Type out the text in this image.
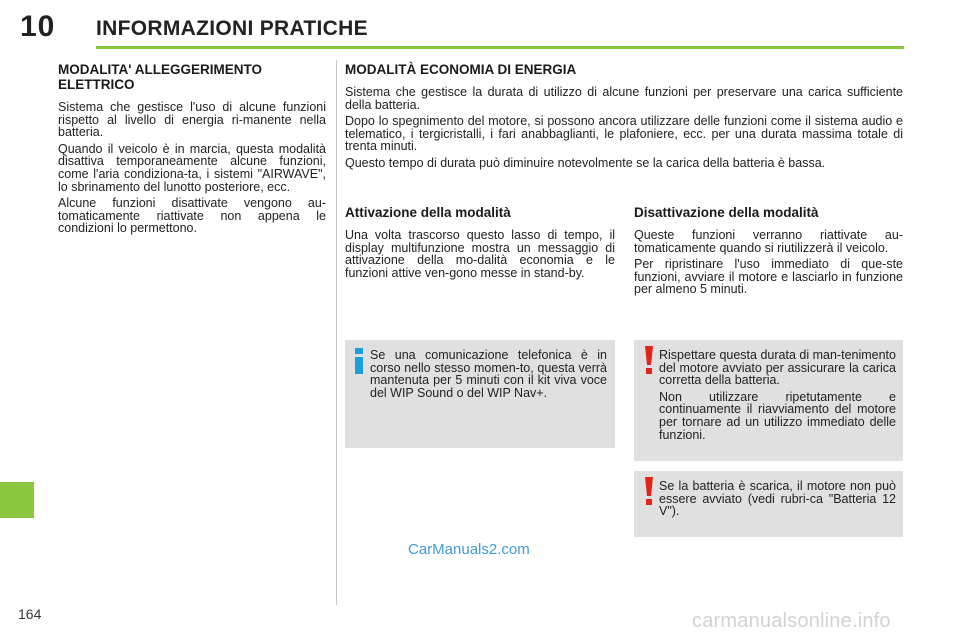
10 INFORMAZIONI PRATICHE
MODALITA' ALLEGGERIMENTO ELETTRICO

Sistema che gestisce l'uso di alcune funzioni rispetto al livello di energia ri-manente nella batteria.

Quando il veicolo è in marcia, questa modalità disattiva temporaneamente alcune funzioni, come l'aria condiziona-ta, i sistemi "AIRWAVE", lo sbrinamento del lunotto posteriore, ecc.

Alcune funzioni disattivate vengono au-tomaticamente riattivate non appena le condizioni lo permettono.

MODALITÀ ECONOMIA DI ENERGIA

Sistema che gestisce la durata di utilizzo di alcune funzioni per preservare una carica sufficiente della batteria.

Dopo lo spegnimento del motore, si possono ancora utilizzare delle funzioni come il sistema audio e telematico, i tergicristalli, i fari anabbaglianti, le plafoniere, ecc. per una durata massima totale di trenta minuti.

Questo tempo di durata può diminuire notevolmente se la carica della batteria è bassa.

Attivazione della modalità

Una volta trascorso questo lasso di tempo, il display multifunzione mostra un messaggio di attivazione della mo-dalità economia e le funzioni attive ven-gono messe in stand-by.

Disattivazione della modalità

Queste funzioni verranno riattivate au-tomaticamente quando si riutilizzerà il veicolo.

Per ripristinare l'uso immediato di que-ste funzioni, avviare il motore e lasciarlo in funzione per almeno 5 minuti.

Se una comunicazione telefonica è in corso nello stesso momen-to, questa verrà mantenuta per 5 minuti con il kit viva voce del WIP Sound o del WIP Nav+.

Rispettare questa durata di man-tenimento del motore avviato per assicurare la carica corretta della batteria.

Non utilizzare ripetutamente e continuamente il riavviamento del motore per tornare ad un utilizzo immediato delle funzioni.

Se la batteria è scarica, il motore non può essere avviato (vedi rubri-ca "Batteria 12 V").
CarManuals2.com
carmanualsonline.info
164
